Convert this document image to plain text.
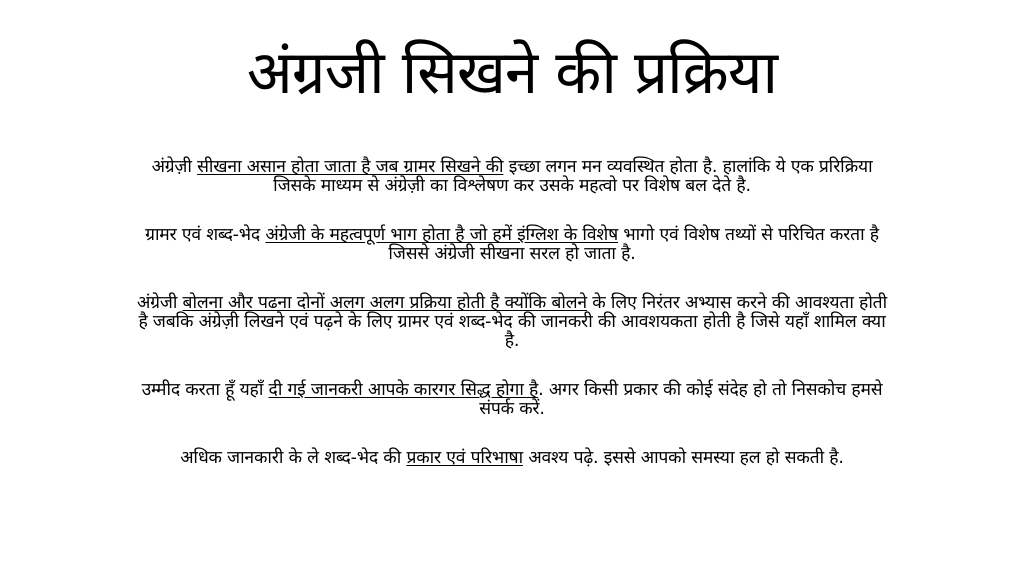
अंग्रजी सिखने की प्रक्रिया

अंग्रेज़ी सीखना असान होता जाता है जब ग्रामर सिखने की इच्छा लगन मन व्यवस्थित होता है. हालांकि ये एक प्ररिक्रिया जिसके माध्यम से अंग्रेज़ी का विश्लेषण कर उसके महत्वो पर विशेष बल देते है.

ग्रामर एवं शब्द-भेद अंग्रेजी के महत्वपूर्ण भाग होता है जो हमें इंग्लिश के विशेष भागो एवं विशेष तथ्यों से परिचित करता है जिससे अंग्रेजी सीखना सरल हो जाता है.

अंग्रेजी बोलना और पढना दोनों अलग अलग प्रक्रिया होती है क्योंकि बोलने के लिए निरंतर अभ्यास करने की आवश्यता होती है जबकि अंग्रेज़ी लिखने एवं पढ़ने के लिए ग्रामर एवं शब्द-भेद की जानकरी की आवशयकता होती है जिसे यहाँ शामिल क्या है.

उम्मीद करता हूँ यहाँ दी गई जानकरी आपके कारगर सिद्ध होगा है. अगर किसी प्रकार की कोई संदेह हो तो निसकोच हमसे संपर्क करें.

अधिक जानकारी के ले शब्द-भेद की प्रकार एवं परिभाषा अवश्य पढ़े. इससे आपको समस्या हल हो सकती है.
